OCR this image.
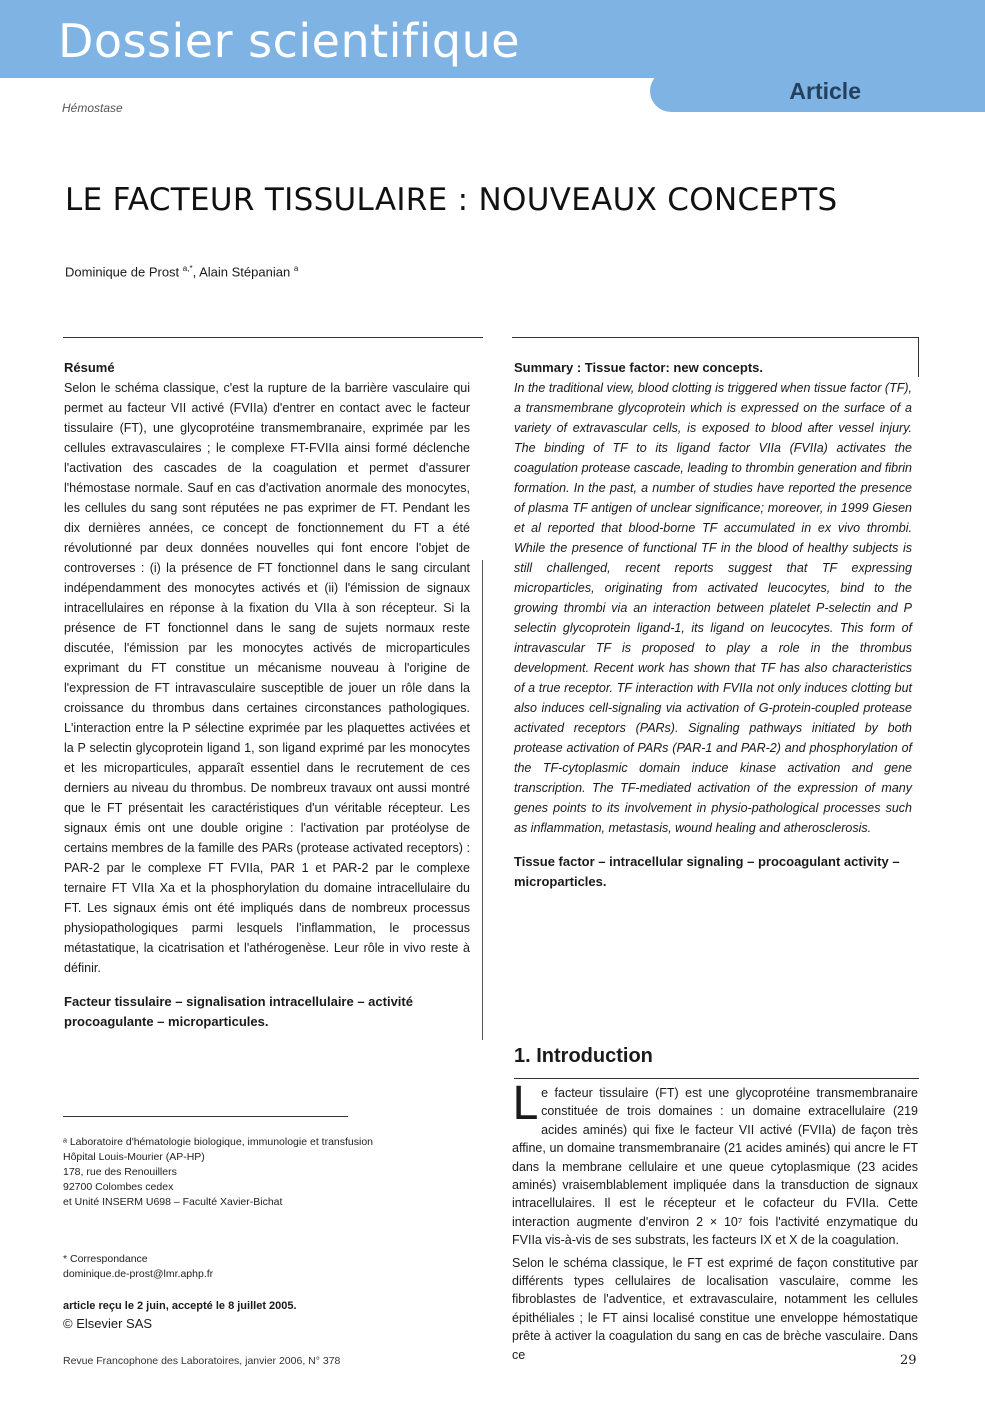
Dossier scientifique
Article
Hémostase
LE FACTEUR TISSULAIRE : NOUVEAUX CONCEPTS
Dominique de Prost $^{a,*}$, Alain Stépanian $^a$
Résumé
Selon le schéma classique, c'est la rupture de la barrière vasculaire qui permet au facteur VII activé (FVIIa) d'entrer en contact avec le facteur tissulaire (FT), une glycoprotéine transmembranaire, exprimée par les cellules extravasculaires ; le complexe FT-FVIIa ainsi formé déclenche l'activation des cascades de la coagulation et permet d'assurer l'hémostase normale. Sauf en cas d'activation anormale des monocytes, les cellules du sang sont réputées ne pas exprimer de FT. Pendant les dix dernières années, ce concept de fonctionnement du FT a été révolutionné par deux données nouvelles qui font encore l'objet de controverses : (i) la présence de FT fonctionnel dans le sang circulant indépendamment des monocytes activés et (ii) l'émission de signaux intracellulaires en réponse à la fixation du VIIa à son récepteur. Si la présence de FT fonctionnel dans le sang de sujets normaux reste discutée, l'émission par les monocytes activés de microparticules exprimant du FT constitue un mécanisme nouveau à l'origine de l'expression de FT intravasculaire susceptible de jouer un rôle dans la croissance du thrombus dans certaines circonstances pathologiques. L'interaction entre la P sélectine exprimée par les plaquettes activées et la P selectin glycoprotein ligand 1, son ligand exprimé par les monocytes et les microparticules, apparaît essentiel dans le recrutement de ces derniers au niveau du thrombus. De nombreux travaux ont aussi montré que le FT présentait les caractéristiques d'un véritable récepteur. Les signaux émis ont une double origine : l'activation par protéolyse de certains membres de la famille des PARs (protease activated receptors) : PAR-2 par le complexe FT FVIIa, PAR 1 et PAR-2 par le complexe ternaire FT VIIa Xa et la phosphorylation du domaine intracellulaire du FT. Les signaux émis ont été impliqués dans de nombreux processus physiopathologiques parmi lesquels l'inflammation, le processus métastatique, la cicatrisation et l'athérogenèse. Leur rôle in vivo reste à définir.
Facteur tissulaire – signalisation intracellulaire – activité procoagulante – microparticules.
Summary : Tissue factor: new concepts.
In the traditional view, blood clotting is triggered when tissue factor (TF), a transmembrane glycoprotein which is expressed on the surface of a variety of extravascular cells, is exposed to blood after vessel injury. The binding of TF to its ligand factor VIIa (FVIIa) activates the coagulation protease cascade, leading to thrombin generation and fibrin formation. In the past, a number of studies have reported the presence of plasma TF antigen of unclear significance; moreover, in 1999 Giesen et al reported that blood-borne TF accumulated in ex vivo thrombi. While the presence of functional TF in the blood of healthy subjects is still challenged, recent reports suggest that TF expressing microparticles, originating from activated leucocytes, bind to the growing thrombi via an interaction between platelet P-selectin and P selectin glycoprotein ligand-1, its ligand on leucocytes. This form of intravascular TF is proposed to play a role in the thrombus development. Recent work has shown that TF has also characteristics of a true receptor. TF interaction with FVIIa not only induces clotting but also induces cell-signaling via activation of G-protein-coupled protease activated receptors (PARs). Signaling pathways initiated by both protease activation of PARs (PAR-1 and PAR-2) and phosphorylation of the TF-cytoplasmic domain induce kinase activation and gene transcription. The TF-mediated activation of the expression of many genes points to its involvement in physio-pathological processes such as inflammation, metastasis, wound healing and atherosclerosis.
Tissue factor – intracellular signaling – procoagulant activity – microparticles.
1. Introduction

Le facteur tissulaire (FT) est une glycoprotéine transmembranaire constituée de trois domaines : un domaine extracellulaire (219 acides aminés) qui fixe le facteur VII activé (FVIIa) de façon très affine, un domaine transmembranaire (21 acides aminés) qui ancre le FT dans la membrane cellulaire et une queue cytoplasmique (23 acides aminés) vraisemblablement impliquée dans la transduction de signaux intracellulaires. Il est le récepteur et le cofacteur du FVIIa. Cette interaction augmente d'environ 2 × 10⁷ fois l'activité enzymatique du FVIIa vis-à-vis de ses substrats, les facteurs IX et X de la coagulation.

Selon le schéma classique, le FT est exprimé de façon constitutive par différents types cellulaires de localisation vasculaire, comme les fibroblastes de l'adventice, et extravasculaire, notamment les cellules épithéliales ; le FT ainsi localisé constitue une enveloppe hémostatique prête à activer la coagulation du sang en cas de brèche vasculaire. Dans ce

ᵃ Laboratoire d'hématologie biologique, immunologie et transfusion
Hôpital Louis-Mourier (AP-HP)
178, rue des Renouillers
92700 Colombes cedex
et Unité INSERM U698 – Faculté Xavier-Bichat
* Correspondance
dominique.de-prost@lmr.aphp.fr
article reçu le 2 juin, accepté le 8 juillet 2005.
© Elsevier SAS
Revue Francophone des Laboratoires, janvier 2006, N° 378	29
